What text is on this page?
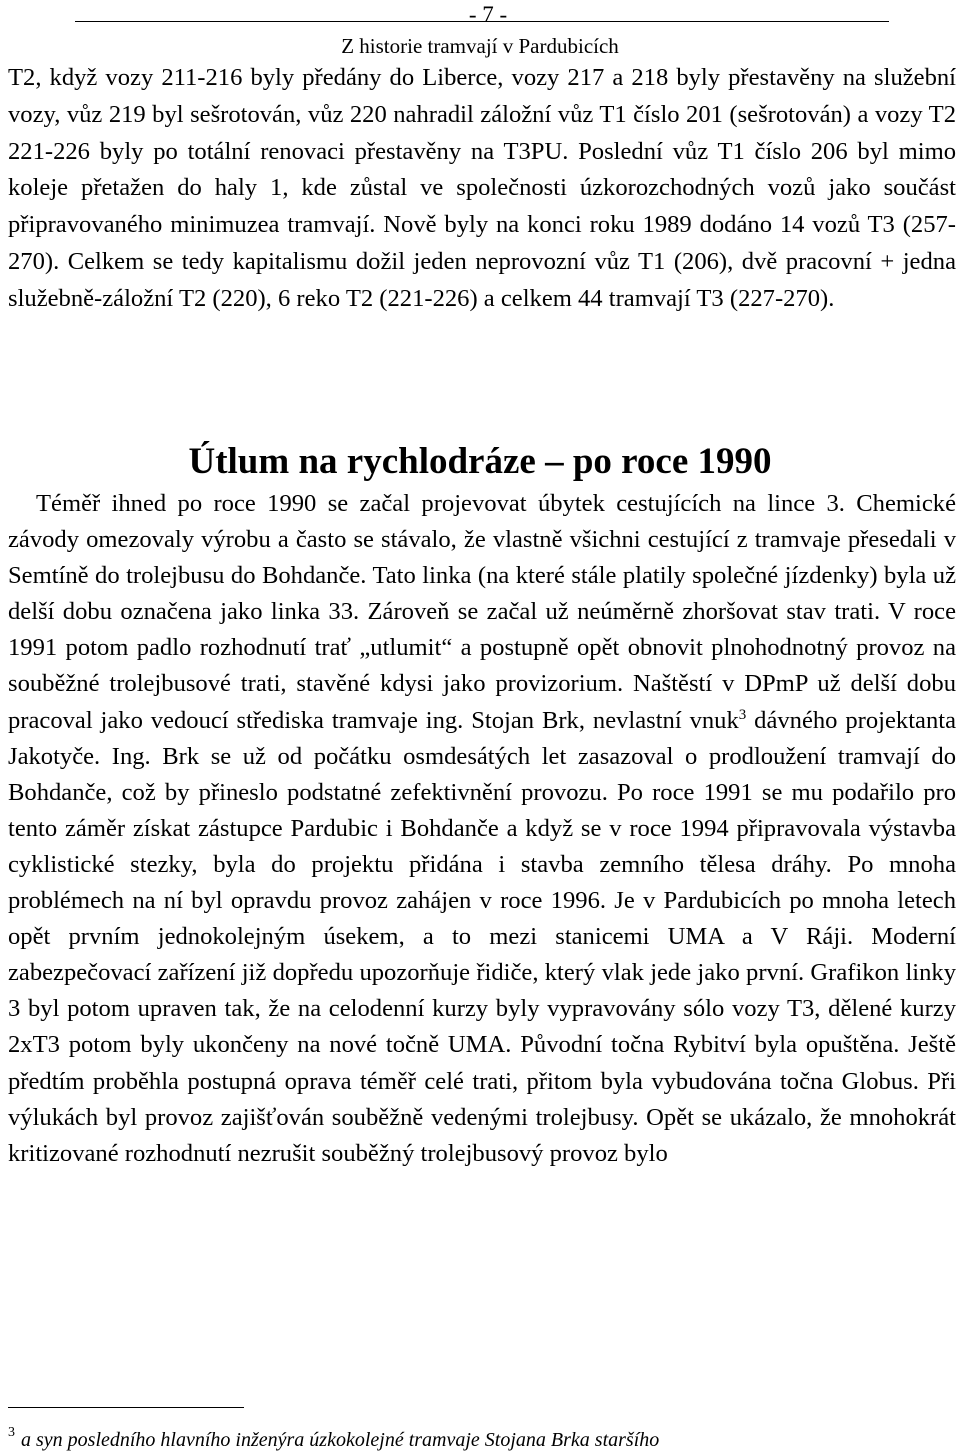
- 7 -
Z historie tramvají v Pardubicích

T2, když vozy 211-216 byly předány do Liberce, vozy 217 a 218 byly přestavěny na služební vozy, vůz 219 byl sešrotován, vůz 220 nahradil záložní vůz T1 číslo 201 (sešrotován) a vozy T2 221-226 byly po totální renovaci přestavěny na T3PU. Poslední vůz T1 číslo 206 byl mimo koleje přetažen do haly 1, kde zůstal ve společnosti úzkorozchodných vozů jako součást připravovaného minimuzea tramvají. Nově byly na konci roku 1989 dodáno 14 vozů T3 (257-270). Celkem se tedy kapitalismu dožil jeden neprovozní vůz T1 (206), dvě pracovní + jedna služebně-záložní T2 (220), 6 reko T2 (221-226) a celkem 44 tramvají T3 (227-270).

Útlum na rychlodráze – po roce 1990

Téměř ihned po roce 1990 se začal projevovat úbytek cestujících na lince 3. Chemické závody omezovaly výrobu a často se stávalo, že vlastně všichni cestující z tramvaje přesedali v Semtíně do trolejbusu do Bohdanče. Tato linka (na které stále platily společné jízdenky) byla už delší dobu označena jako linka 33. Zároveň se začal už neúměrně zhoršovat stav trati. V roce 1991 potom padlo rozhodnutí trať „utlumit“ a postupně opět obnovit plnohodnotný provoz na souběžné trolejbusové trati, stavěné kdysi jako provizorium. Naštěstí v DPmP už delší dobu pracoval jako vedoucí střediska tramvaje ing. Stojan Brk, nevlastní vnuk$^3$ dávného projektanta Jakotyče. Ing. Brk se už od počátku osmdesátých let zasazoval o prodloužení tramvají do Bohdanče, což by přineslo podstatné zefektivnění provozu. Po roce 1991 se mu podařilo pro tento záměr získat zástupce Pardubic i Bohdanče a když se v roce 1994 připravovala výstavba cyklistické stezky, byla do projektu přidána i stavba zemního tělesa dráhy. Po mnoha problémech na ní byl opravdu provoz zahájen v roce 1996. Je v Pardubicích po mnoha letech opět prvním jednokolejným úsekem, a to mezi stanicemi UMA a V Ráji. Moderní zabezpečovací zařízení již dopředu upozorňuje řidiče, který vlak jede jako první. Grafikon linky 3 byl potom upraven tak, že na celodenní kurzy byly vypravovány sólo vozy T3, dělené kurzy 2xT3 potom byly ukončeny na nové točně UMA. Původní točna Rybitví byla opuštěna. Ještě předtím proběhla postupná oprava téměř celé trati, přitom byla vybudována točna Globus. Při výlukách byl provoz zajišťován souběžně vedenými trolejbusy. Opět se ukázalo, že mnohokrát kritizované rozhodnutí nezrušit souběžný trolejbusový provoz bylo

$^3$ a syn posledního hlavního inženýra úzkokolejné tramvaje Stojana Brka staršího
